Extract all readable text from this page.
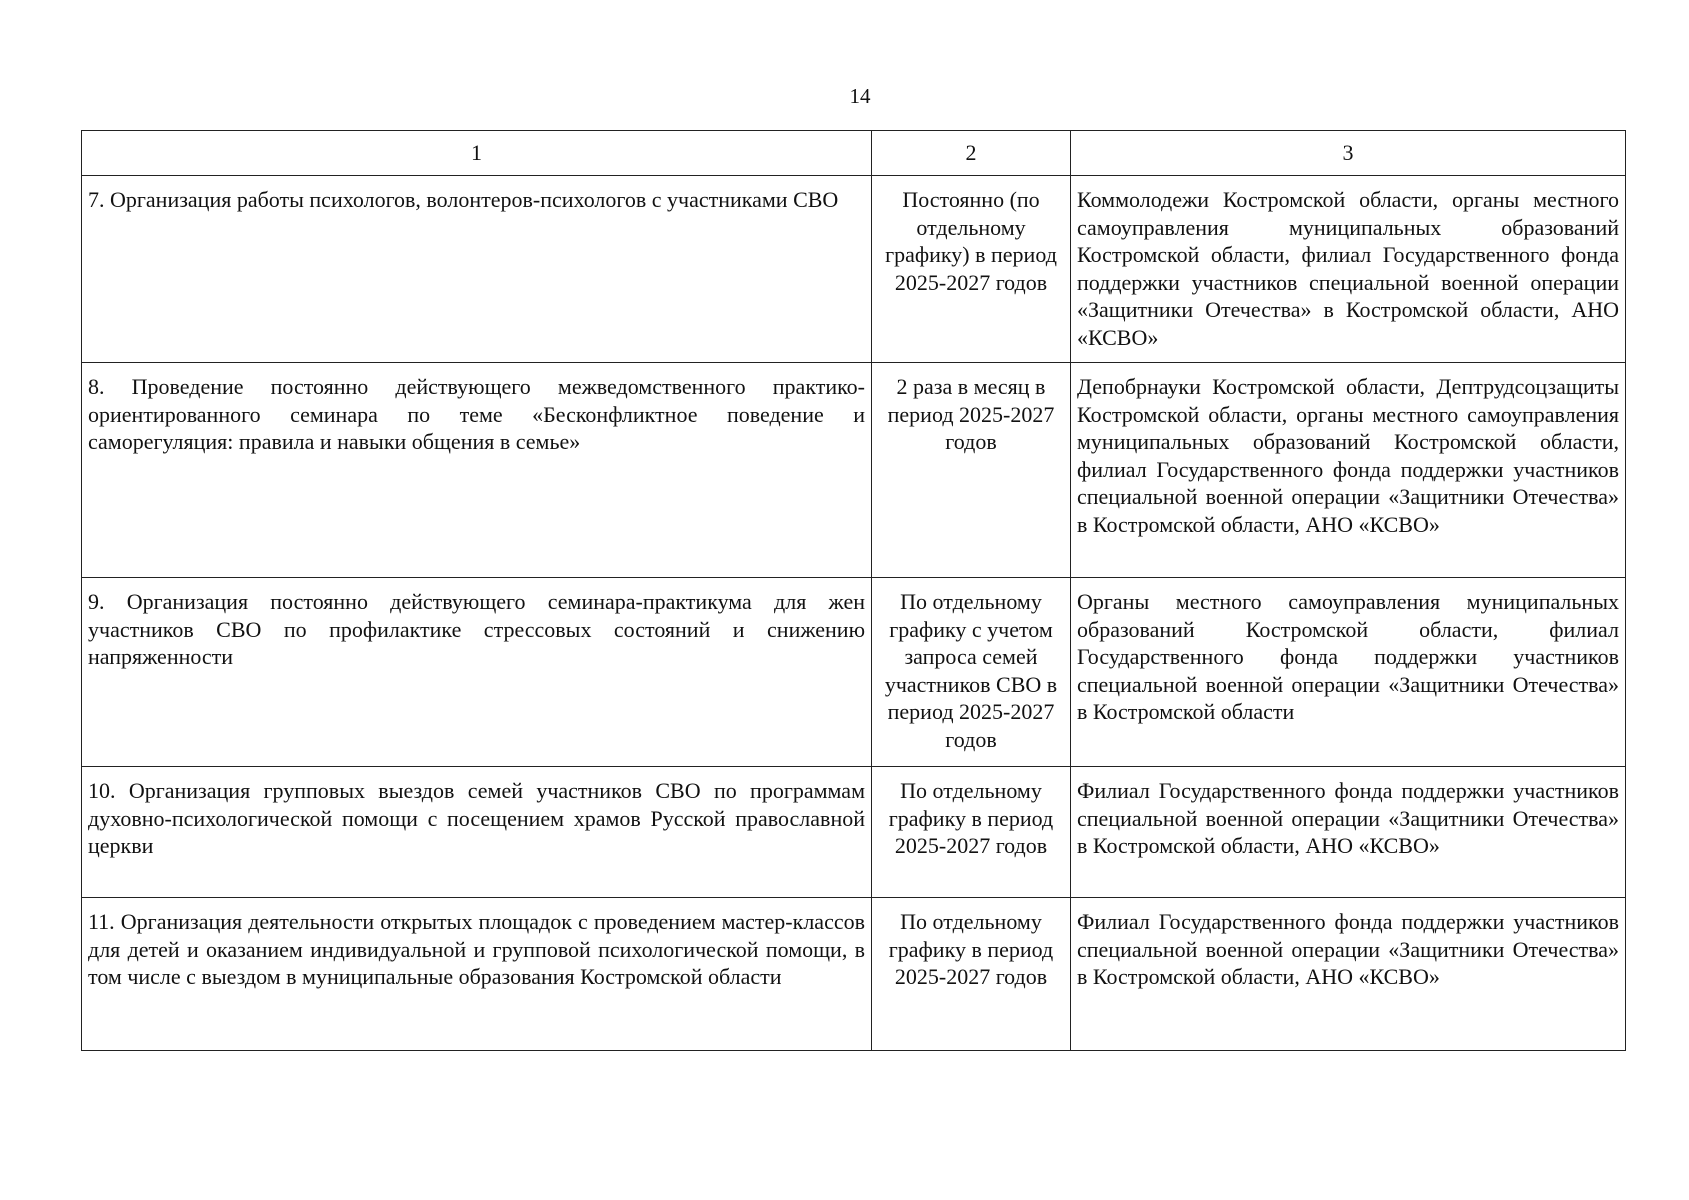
14
1	2	3
7. Организация работы психологов, волонтеров-психологов с участниками СВО	Постоянно (по отдельному графику) в период 2025-2027 годов	Коммолодежи Костромской области, органы местного самоуправления муниципальных образований Костромской области, филиал Государственного фонда поддержки участников специальной военной операции «Защитники Отечества» в Костромской области, АНО «КСВО»
8. Проведение постоянно действующего межведомственного практико-ориентированного семинара по теме «Бесконфликтное поведение и саморегуляция: правила и навыки общения в семье»	2 раза в месяц в период 2025-2027 годов	Депобрнауки Костромской области, Дептрудсоцзащиты Костромской области, органы местного самоуправления муниципальных образований Костромской области, филиал Государственного фонда поддержки участников специальной военной операции «Защитники Отечества» в Костромской области, АНО «КСВО»
9. Организация постоянно действующего семинара-практикума для жен участников СВО по профилактике стрессовых состояний и снижению напряженности	По отдельному графику с учетом запроса семей участников СВО в период 2025-2027 годов	Органы местного самоуправления муниципальных образований Костромской области, филиал Государственного фонда поддержки участников специальной военной операции «Защитники Отечества» в Костромской области
10. Организация групповых выездов семей участников СВО по программам духовно-психологической помощи с посещением храмов Русской православной церкви	По отдельному графику в период 2025-2027 годов	Филиал Государственного фонда поддержки участников специальной военной операции «Защитники Отечества» в Костромской области, АНО «КСВО»
11. Организация деятельности открытых площадок с проведением мастер-классов для детей и оказанием индивидуальной и групповой психологической помощи, в том числе с выездом в муниципальные образования Костромской области	По отдельному графику в период 2025-2027 годов	Филиал Государственного фонда поддержки участников специальной военной операции «Защитники Отечества» в Костромской области, АНО «КСВО»
